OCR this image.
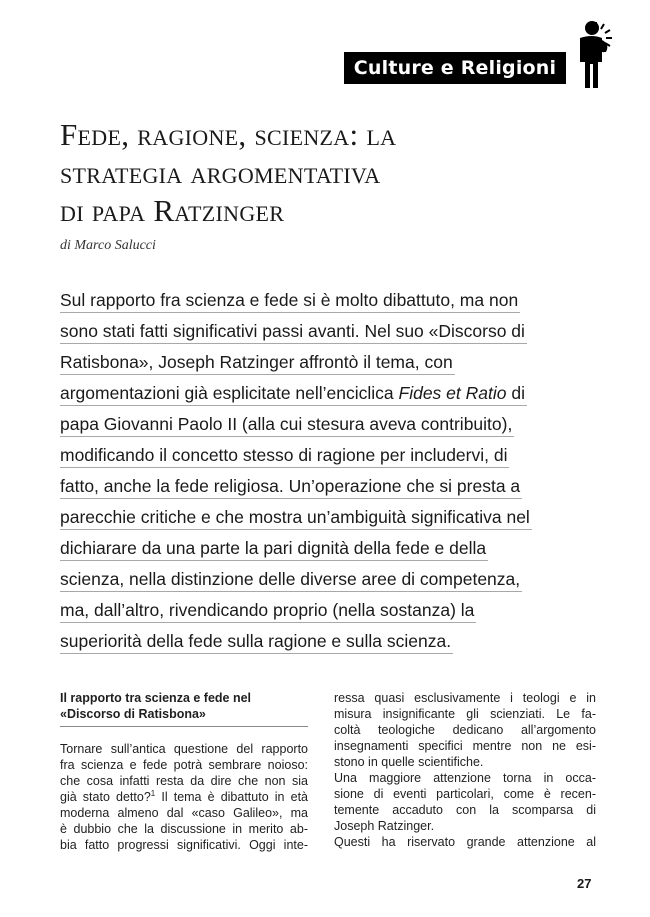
Culture e Religioni
Fede, ragione, scienza: la
strategia argomentativa
di papa Ratzinger
di Marco Salucci
Sul rapporto fra scienza e fede si è molto dibattuto, ma non
sono stati fatti significativi passi avanti. Nel suo «Discorso di
Ratisbona», Joseph Ratzinger affrontò il tema, con
argomentazioni già esplicitate nell’enciclica Fides et Ratio di
papa Giovanni Paolo II (alla cui stesura aveva contribuito),
modificando il concetto stesso di ragione per includervi, di
fatto, anche la fede religiosa. Un’operazione che si presta a
parecchie critiche e che mostra un’ambiguità significativa nel
dichiarare da una parte la pari dignità della fede e della
scienza, nella distinzione delle diverse aree di competenza,
ma, dall’altro, rivendicando proprio (nella sostanza) la
superiorità della fede sulla ragione e sulla scienza.
Il rapporto tra scienza e fede nel
«Discorso di Ratisbona»
Tornare sull’antica questione del rapporto
fra scienza e fede potrà sembrare noioso:
che cosa infatti resta da dire che non sia
già stato detto?$^1$ Il tema è dibattuto in età
moderna almeno dal «caso Galileo», ma
è dubbio che la discussione in merito ab-
bia fatto progressi significativi. Oggi inte-
ressa quasi esclusivamente i teologi e in
misura insignificante gli scienziati. Le fa-
coltà teologiche dedicano all’argomento
insegnamenti specifici mentre non ne esi-
stono in quelle scientifiche.
Una maggiore attenzione torna in occa-
sione di eventi particolari, come è recen-
temente accaduto con la scomparsa di
Joseph Ratzinger.
Questi ha riservato grande attenzione al
27
